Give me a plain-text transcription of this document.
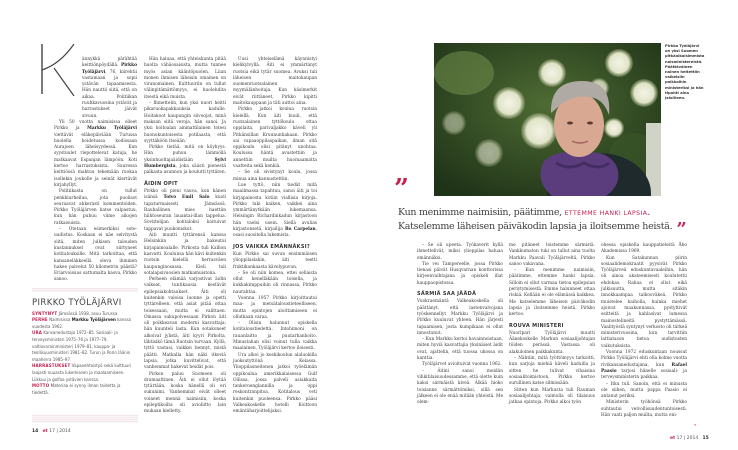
ännykkä pärähtää keittiönpöydällä. Pirkko Työläjärvi, 76, kiirehtii vastamaan ja sopii ystävän tapaamisesta. Hän nauttii siitä, että on aikaa. Politiikan ruuhkavuosina ystävät ja harrastukset jäivät sivuun.

Yli 50 vuotta naimisissa olleet Pirkko ja Markku Työläjärvi viettävät eläkepäiviään Turussa huolella hoidetussa kodissaan Aurajoen läheisyydessä. Kun syystuulet riepottelevat katuja, he matkaavat Espanjan lämpöön. Koti kertoo harrastuksista. Suuressa keittiössä mahtuu tekemään ruokaa isollekin joukolle ja seinät kiertävät kirjahyllyt.

Politiikasta on tullut penkkiurheilua, jota puolisot seuraavat ahkerasti kommentoiden. Pirkko Työläjärven katse valpastuu, kun hän puhuu viime aikojen ratkaisuista.

– Otetaan esimerkiksi sote-uudistus. Koskaan ei näe selvitystä siitä, miten julkisen talouden kustannukset ovat siirtyneet kotitalouksille. Mitä tarkoittaa, että kansaneläkkeellä oleva ihminen hakee palvelut 50 kilometrin päästä? Eriarvoisuus sattumalta kasva, Pirkko sanoo.

Hän haluaa, että yhteiskunta pitää huolta vähäosaisista, mutta tunnee myös asian kääntöpuolen. Liian monen ihmisen läheisin omainen on viranomainen. Kulttuuriin on tullut välinpitämättömyys, ei huolehdita itsestä eikä muista.

– Ihmettelin, kun yksi nuori heitti pikaruokapakkauksia kadulle. Hoitakoot kaupungin siivoojat, minä maksan siitä veroja, hän sanoi. Ja yksi hoitoalan ammattilainen totesi huonokuntoisesta potilaasta, että syyttäköön itseään.

Pirkko tietää, mitä on köyhyys. Hän puhuu lämmöllä yksinhuoltajaäidistään Sylvi Humbergista, joka säästi pienestä palkasta asunnon ja koulutti tyttären.

ÄIDIN OPIT

Pirkko oli pieni vauva, kun hänen isänsä Toivo Emil Salo kuoli tapaturmaisesti Jämsässä. Rauhallinen mies haettiin hiihtoseuran lauantai-illan tappelua. Sovittelijan kohtaloksi koituivat tappavat puukoniskut.

Äiti muutti tyttärensä kanssa Helsinkiin ja hakeutui kirjapainoalalle. Pirkosta tuli Kallion kasvatti. Koulunsa hän kävi kuitenkin ruotsin kielellä herrasväen kaupunginosassa. Kieli tuli sotalapsivuosien matkamuistona.

Perheen elämää varjostivat äidin vaikeat, tuntikausia kestävät epilepsiakohtaukset. Äiti oli kuitenkin valoisa luonne ja opetti tyttärelleen, että asiat pitää ottaa toisessaan, mutta ei valittaen. Omassa sukupolvessaan Pirkon äiti oli poikkeavan moderni kasvattaja: hän kuunteli lasta. Kun sotakoneet alkoivat jylistä, äiti kyyri Pirkolta, lähtisikö tämä Ruotsin turvaan. Kyllä, tyttö vastasi, vaikkei tiennyt, mistä päätti. Matkalla hän näki itkeviä lapsia, jotka kuvittelivat, että vanhemmat hakevat heidät pois.

Pirkon paluu Suomeen oli dramaattinen. Äiti ei ollut löytää tytärtään, koska hänellä oli eri sukunimi. Vanhemmat eivät olleet voineet mennä naimisiin, koska epileptikoilta oli avioliitto lain mukaan kielletty.

Uusi yhteiselämä käynnistyi kielikylvyllä. Äiti ei ymmärtänyt ruotsia eikä tytär suomea. Avuksi tuli läheisen maitokaupan suomenruotsalainen myymälänhoitaja. Kun käsimerkit eivät riittäneet, Pirkko kipitti maitokauppaan ja täti auttoi aina.

Pirkko jatkoi koulua ruotsin kielellä. Kun äiti kuuli, että ruotsalainen tyttökoulu ottaa oppilaita, parivaljakko käveli yli Pitkänsillan Kruununhakaan. Pirkko sai vapaaoppilaspaikan, ilman sitä oppikoulu olisi pitänyt unohtaa. Koulussa häntä avustettiin ja annettiin muilta huomaamatta vaatteita sekä kenkiä.

– Se oli sivistynyt koulu, jossa minua aina kannustettiin.

Lue tyttö, niin tiedät mitä maailmassa tapahtuu, sanoi äiti ja toi kirjapainosta kotiin viallisia kirjoja. Pirkko luki kaiken, vaikkei aina ymmärtänytkään lukemaansa. Helsingin Richardinkadun kirjastoon hän vaelsi usein. Siellä avulias kirjastonsetä, kirjailija Bo Carpelan, osasi suositella lukemista.

JOS VAIKKA EMÄNNÄKSI?

Kun Pirkko sai suvun ensimmäisen ylioppilaslakin, äiti teetti fraktikankaasta kävelypuvun.

– Se oli niin komea, ettei sellaista ollut kenelläkään toisella, ja kukkakimppuihin oli rinnassa, Pirkko naurahtaa.

Vuonna 1957 Pirkko kirjoittautui maa- ja metsätaloustieteelliseen, mutta opintojen aloittamiseen ei ollutkaan varaa.

– Olisin halunnut opiskella kotitaloustiedettä. Intohimoni on rauanlaitto ja puutarhanhoito. Minustahan olisi voinut tulla vaikka maalainen, Työläjärvi kertoo iloisesti.

Ura alkoi jo keskikoulun alaluokilla juoksutyttönä Kelassa. Ylioppilasneitonen jatkoi työelämän oppikoulua amerikkalaisessa Gulf Oilissa, jossa palveli asiakkaita tankeroenglannilla ja oppi reskontranpitoa. Kotitalous veti kuitenkin puoleensa. Pirkko pääsi Valkeakoskelle hotelli Koittoon emäntäharjoittelijaksi.

PIRKKO TYÖLÄJÄRVI
SYNTYNYT Jämsässä 1938, asuu Turussa.
PERHE Naimisissa Markku Työläjärven kanssa vuodesta 1962.
URA Kansanedustaja 1972–85. Sosiaali- ja terveysministeri 1975–76 ja 1977–79, valtiovarainministeri 1979–81, kauppa- ja teollisuusministeri 1981–82. Turun ja Porin läänin maaherra 1985–97.
HARRASTUKSET Vapaaehtoistyö sekä kulttuuri laajasti nuuasta lukemiseen ja maalaamiseen. Liikkuu ja golfaa ystävien kanssa.
MOTTO Materiaa ei synny ilman taidetta ja tiedettä.
14 et 17 | 2014
Pirkko Työläjärvi on yksi Suomen pitkäaikaisimmista naisministereistä. Päättäväinen nainen heitettiin valkeisiin paikkoihin ministeriksi ja hän tipahti aina jaloilleen.
”
Kun menimme naimisiin, päätimme, ETTEMME HANKI LAPSIA.
Katselemme läheisen päiväkodin lapsia ja iloitsemme heistä. ”

– Se oli upeeta. Työkaverit kyllä ihmettelivät, miksi ylioppilas haluaa emännäksi.

Tie vei Tampereelle, jossa Pirkko tienasi päivät Husqvarnan konttorissa kirjeenvaihtajana ja opiskeli illat kauppaopistossa.

SÄRMIÄ SAA JÄÄDÄ

Vuokraemäntä Valkeakoskella oli päättänyt, että lastenvalvojana työskennellyt Markku Työläjärvi ja Pirkko kuuluvat yhteen. Hän järjesti tapaamisen, josta kumpikaan ei ollut innostunut.

– Kun Markku kertoi havainnoistaan, miten hyviä kasvattajia yksinäiset äidit ovat, ajattelin, että tuossa ukossa on kanttia.

Työläjärvet avioituivat vuonna 1962.

– Äitini sanoi meidän vihkitilaisuudessamme, että olette kuin kaksi särmäistä kiveä. Älkää hioko toisianne särmättömiksi, sillä sen jälkeen ei ole enää mitään yhteistä. Me olem-

me pitäneet toistemme särmistä. Vankkumaton tuki on tullut aina tuolta Markku Paavali Työläjärveltä, Pirkko sanoo vakavana.

– Kun menimme naimisiin, päätimme, ettemme hanki lapsia. Silloin ei ollut varmaa tietoa epilepsian periytymisestä. Emme halunneet ottaa riskiä. Kellään ei ole elämässä kaikkea. Me katselemme läheisen päiväkodin lapsia ja iloitsemme heistä, Pirkko kertoo.

ROUVA MINISTERI

Nuoripari Työläjärvi muutti Äänekoskelle Markun sosiaalijohtajan töiden perässä. Vastassa oli alakuloinen paikkakunta.

– Nähtiin, mitä työttömyys tarkoitti, kun sarjoja miehiä käveli kaduilla ja sitten he tulivat vihaisina sosiaalitoimistoon, Pirkko kertoo surullinen katse silmissään.

Sitten kun Markusta tuli Rauman sosiaalijohtaja, vaimolla oli tilaisuus jatkaa opintoja. Pirkko alkoi työn

ohessa opiskella kauppatieteitä Åbo Akademissa 1969.

Kun Satakunnan piirin sosiaalidemokraatit pyysivät Pirkko Työläjärveä eduskuntavaaleihin, hän oli ainoa akateemisesti koulutettu ehdokas. Rahaa ei ollut eikä julkisuutta, mutta sitäkin innokkaampaa talkooväkeä. Pirkko muistelee kaiholla, kuinka miehet ajoivat maakunnassa, pystyttivät esitteitä ja kahlasivat lumessa mainostelineitä pystyttämässä. Vaalityöstä syntynyt verkosto oli tärkeä ministerivuosina, kun tarvittiin lattiatason tietoa uudistusten vaikutuksista.

Vuonna 1972 eduskuntaan noussut Pirkko Työläjärvi ehti olla kolme vuotta rivikansanedustajana, kun Rafael Paasio tarjosi hänelle sosiaali- ja terveysministerin paikkaa.

– Itku tuli. Sanoin, että ei minusta ole siihen, mutta pappa Paasio ei antanut periksi.

Ministerin työhönsä Pirkko suhtautui velvollisuudentuntoisesti. Hän vaati paljon muilta, mutta eni-

»
et 17 | 2014 15
